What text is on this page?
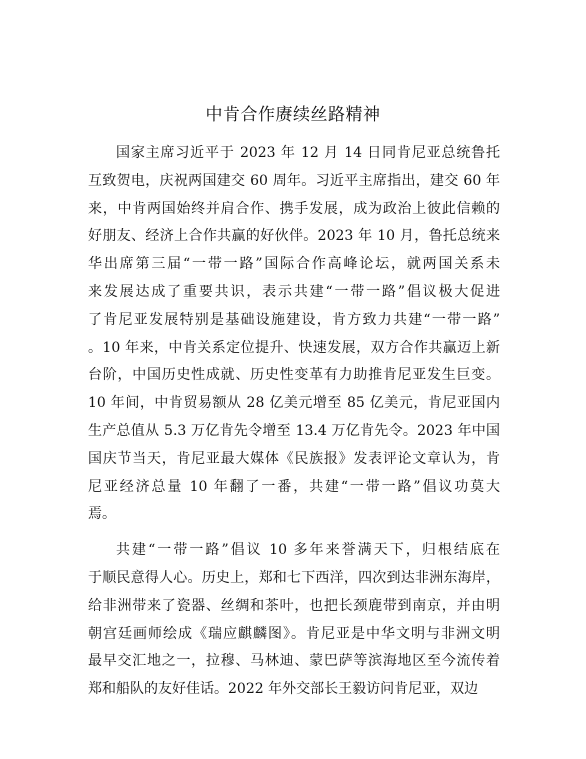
中肯合作赓续丝路精神
国家主席习近平于 2023 年 12 月 14 日同肯尼亚总统鲁托
互致贺电，庆祝两国建交 60 周年。习近平主席指出，建交 60 年
来，中肯两国始终并肩合作、携手发展，成为政治上彼此信赖的
好朋友、经济上合作共赢的好伙伴。2023 年 10 月，鲁托总统来
华出席第三届“一带一路”国际合作高峰论坛，就两国关系未
来发展达成了重要共识，表示共建“一带一路”倡议极大促进
了肯尼亚发展特别是基础设施建设，肯方致力共建“一带一路”
。10 年来，中肯关系定位提升、快速发展，双方合作共赢迈上新
台阶，中国历史性成就、历史性变革有力助推肯尼亚发生巨变。
10 年间，中肯贸易额从 28 亿美元增至 85 亿美元，肯尼亚国内
生产总值从 5.3 万亿肯先令增至 13.4 万亿肯先令。2023 年中国
国庆节当天，肯尼亚最大媒体《民族报》发表评论文章认为，肯
尼亚经济总量 10 年翻了一番，共建“一带一路”倡议功莫大
焉。
共建“一带一路”倡议 10 多年来誉满天下，归根结底在
于顺民意得人心。历史上，郑和七下西洋，四次到达非洲东海岸，
给非洲带来了瓷器、丝绸和茶叶，也把长颈鹿带到南京，并由明
朝宫廷画师绘成《瑞应麒麟图》。肯尼亚是中华文明与非洲文明
最早交汇地之一，拉穆、马林迪、蒙巴萨等滨海地区至今流传着
郑和船队的友好佳话。2022 年外交部长王毅访问肯尼亚，双边
